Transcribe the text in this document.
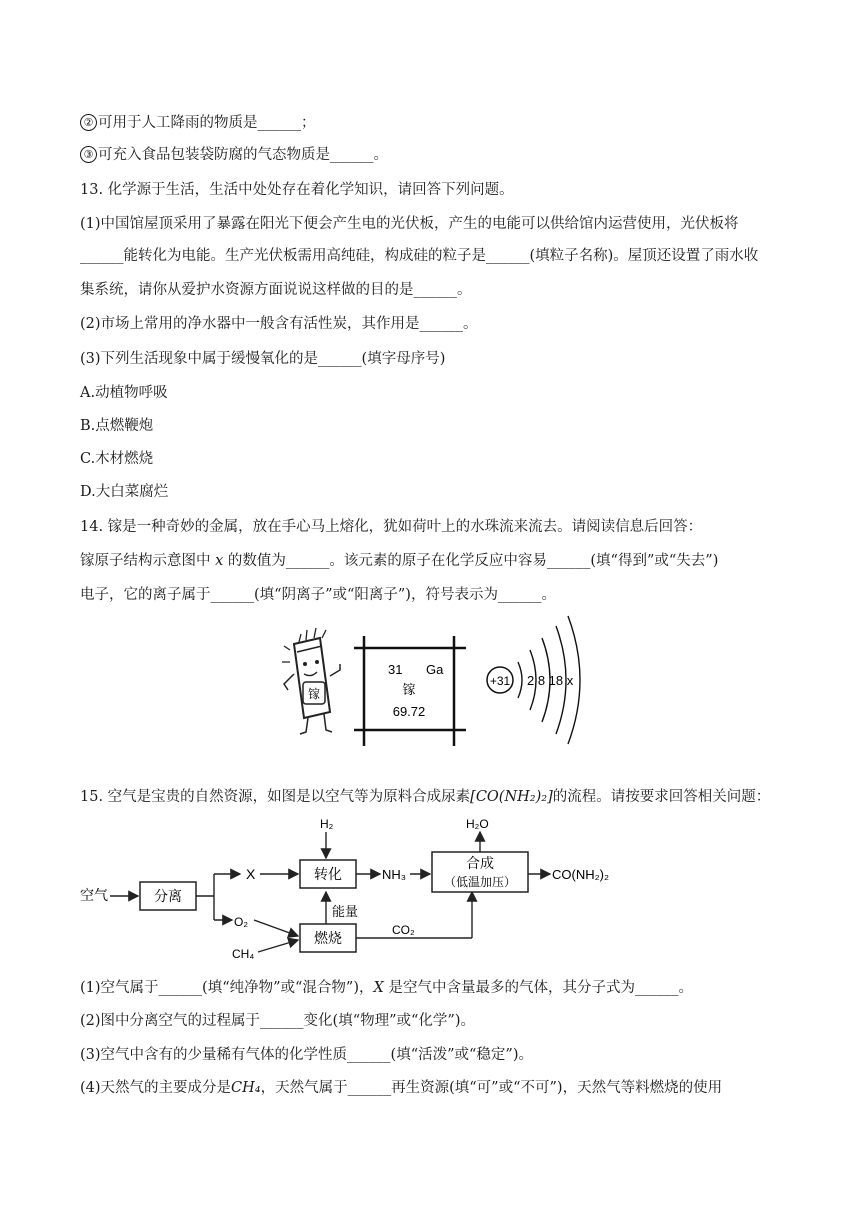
② 可用于人工降雨的物质是______；
③ 可充入食品包装袋防腐的气态物质是______。
13. 化学源于生活，生活中处处存在着化学知识，请回答下列问题。
(1)中国馆屋顶采用了暴露在阳光下便会产生电的光伏板，产生的电能可以供给馆内运营使用，光伏板将
______能转化为电能。生产光伏板需用高纯硅，构成硅的粒子是______(填粒子名称)。屋顶还设置了雨水收
集系统，请你从爱护水资源方面说说这样做的目的是______。
(2)市场上常用的净水器中一般含有活性炭，其作用是______。
(3)下列生活现象中属于缓慢氧化的是______(填字母序号)
A.动植物呼吸
B.点燃鞭炮
C.木材燃烧
D.大白菜腐烂
14. 镓是一种奇妙的金属，放在手心马上熔化，犹如荷叶上的水珠流来流去。请阅读信息后回答：
镓原子结构示意图中 x 的数值为______。该元素的原子在化学反应中容易______(填“得到”或“失去”)
电子，它的离子属于______(填“阴离子”或“阳离子”)，符号表示为______。
镓
31 Ga
镓
69.72
+31 2 8 18 x
15. 空气是宝贵的自然资源，如图是以空气等为原料合成尿素[CO(NH₂)₂]的流程。请按要求回答相关问题：
空气	分离
X
O₂
CH₄
H₂
转化	NH₃
燃烧
能量
CO₂
合成
（低温加压）
H₂O
CO(NH₂)₂
(1)空气属于______(填“纯净物”或“混合物”)，X 是空气中含量最多的气体，其分子式为______。
(2)图中分离空气的过程属于______变化(填“物理”或“化学”)。
(3)空气中含有的少量稀有气体的化学性质______(填“活泼”或“稳定”)。
(4)天然气的主要成分是CH₄，天然气属于______再生资源(填“可”或“不可”)，天然气等料燃烧的使用
